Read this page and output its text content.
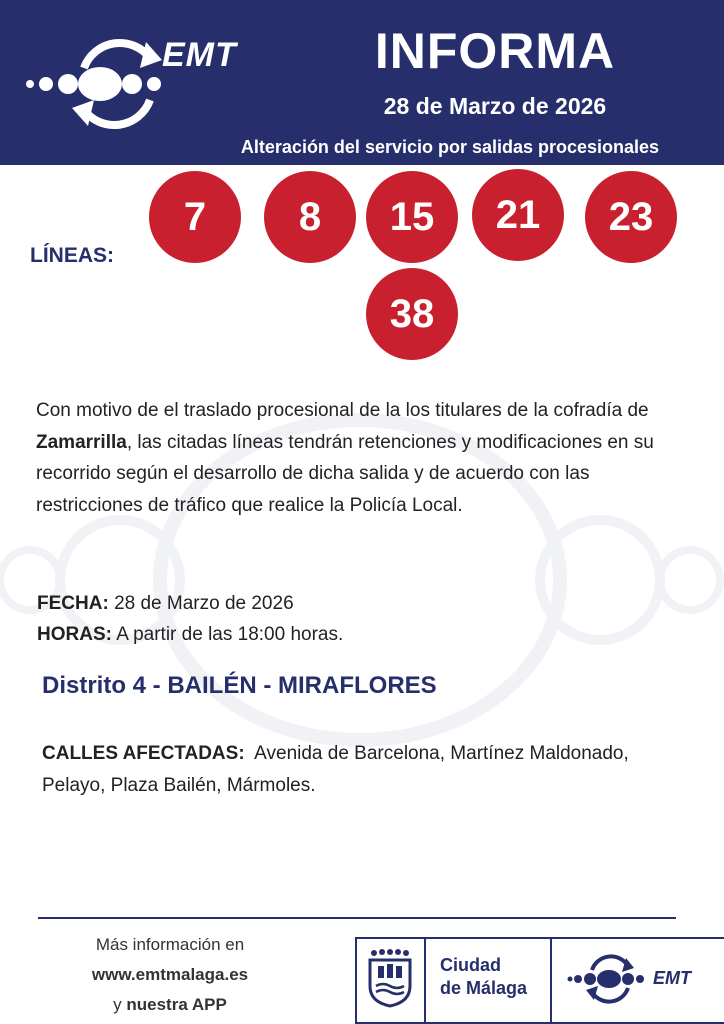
EMT	INFORMA
28 de Marzo de 2026
Alteración del servicio por salidas procesionales
LÍNEAS:
7	8	15	21	23
38

Con motivo de el traslado procesional de la los titulares de la cofradía de Zamarrilla, las citadas líneas tendrán retenciones y modificaciones en su recorrido según el desarrollo de dicha salida y de acuerdo con las restricciones de tráfico que realice la Policía Local.

FECHA: 28 de Marzo de 2026
HORAS: A partir de las 18:00 horas.
Distrito 4 - BAILÉN - MIRAFLORES

CALLES AFECTADAS: Avenida de Barcelona, Martínez Maldonado, Pelayo, Plaza Bailén, Mármoles.

Más información en
www.emtmalaga.es
y nuestra APP
Ciudad
de Málaga	EMT
